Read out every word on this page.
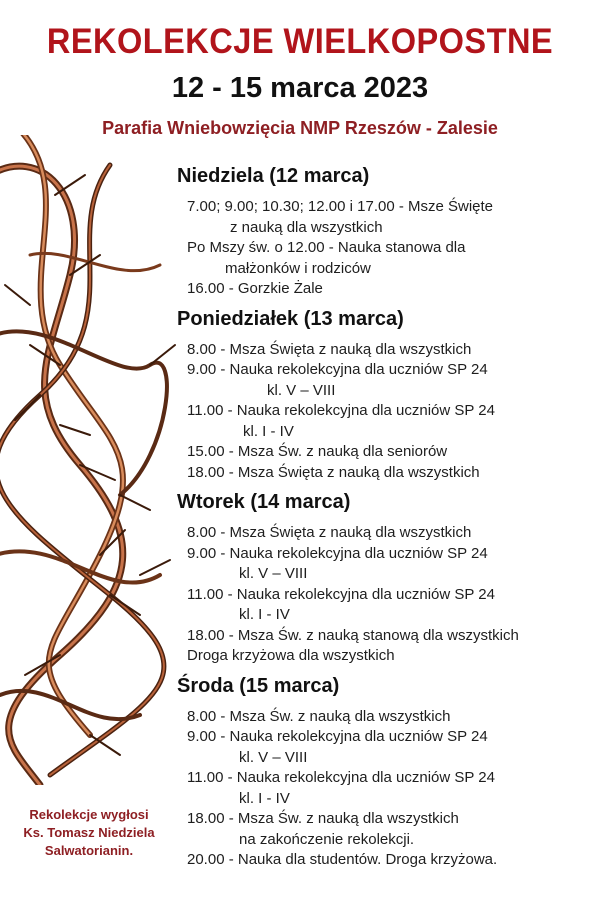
REKOLEKCJE WIELKOPOSTNE
12 - 15 marca 2023
Parafia Wniebowzięcia NMP Rzeszów - Zalesie
Rekolekcje wygłosi
Ks. Tomasz Niedziela
Salwatorianin.
Niedziela (12 marca)
7.00; 9.00; 10.30; 12.00 i 17.00 - Msze Święte
z nauką dla wszystkich
Po Mszy św. o 12.00 - Nauka stanowa dla
małżonków i rodziców
16.00 - Gorzkie Żale
Poniedziałek (13 marca)
8.00 - Msza Święta z nauką dla wszystkich
9.00 - Nauka rekolekcyjna dla uczniów SP 24
kl. V – VIII
11.00 - Nauka rekolekcyjna dla uczniów SP 24
kl. I - IV
15.00 - Msza Św. z nauką dla seniorów
18.00 - Msza Święta z nauką dla wszystkich
Wtorek (14 marca)
8.00 - Msza Święta z nauką dla wszystkich
9.00 - Nauka rekolekcyjna dla uczniów SP 24
kl. V – VIII
11.00 - Nauka rekolekcyjna dla uczniów SP 24
kl. I - IV
18.00 - Msza Św. z nauką stanową dla wszystkich
Droga krzyżowa dla wszystkich
Środa (15 marca)
8.00 - Msza Św. z nauką dla wszystkich
9.00 - Nauka rekolekcyjna dla uczniów SP 24
kl. V – VIII
11.00 - Nauka rekolekcyjna dla uczniów SP 24
kl. I - IV
18.00 - Msza Św. z nauką dla wszystkich
na zakończenie rekolekcji.
20.00 - Nauka dla studentów. Droga krzyżowa.
